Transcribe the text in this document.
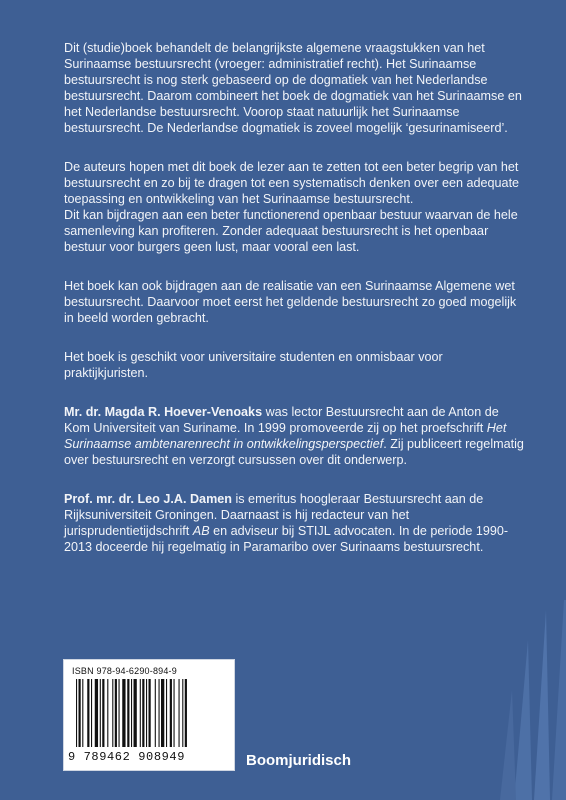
Dit (studie)boek behandelt de belangrijkste algemene vraagstukken van het Surinaamse bestuursrecht (vroeger: administratief recht). Het Surinaamse bestuursrecht is nog sterk gebaseerd op de dogmatiek van het Nederlandse bestuursrecht. Daarom combineert het boek de dogmatiek van het Surinaamse en het Nederlandse bestuursrecht. Voorop staat natuurlijk het Surinaamse bestuursrecht. De Nederlandse dogmatiek is zoveel mogelijk ‘gesurinamiseerd’.

De auteurs hopen met dit boek de lezer aan te zetten tot een beter begrip van het bestuursrecht en zo bij te dragen tot een systematisch denken over een adequate toepassing en ontwikkeling van het Surinaamse bestuursrecht.

Dit kan bijdragen aan een beter functionerend openbaar bestuur waarvan de hele samenleving kan profiteren. Zonder adequaat bestuursrecht is het openbaar bestuur voor burgers geen lust, maar vooral een last.

Het boek kan ook bijdragen aan de realisatie van een Surinaamse Algemene wet bestuursrecht. Daarvoor moet eerst het geldende bestuursrecht zo goed mogelijk in beeld worden gebracht.

Het boek is geschikt voor universitaire studenten en onmisbaar voor praktijkjuristen.

Mr. dr. Magda R. Hoever-Venoaks was lector Bestuursrecht aan de Anton de Kom Universiteit van Suriname. In 1999 promoveerde zij op het proefschrift Het Surinaamse ambtenarenrecht in ontwikkelingsperspectief. Zij publiceert regelmatig over bestuursrecht en verzorgt cursussen over dit onderwerp.

Prof. mr. dr. Leo J.A. Damen is emeritus hoogleraar Bestuursrecht aan de Rijksuniversiteit Groningen. Daarnaast is hij redacteur van het jurisprudentietijdschrift AB en adviseur bij STIJL advocaten. In de periode 1990-2013 doceerde hij regelmatig in Paramaribo over Surinaams bestuursrecht.

ISBN 978-94-6290-894-9
9 789462 908949	Boomjuridisch
